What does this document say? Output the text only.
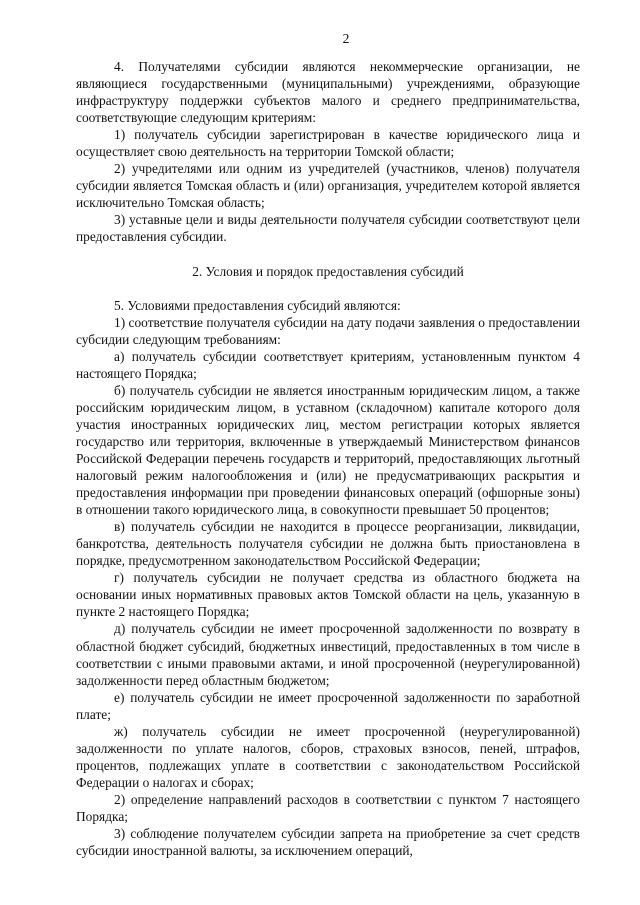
2

4. Получателями субсидии являются некоммерческие организации, не являющиеся государственными (муниципальными) учреждениями, образующие инфраструктуру поддержки субъектов малого и среднего предпринимательства, соответствующие следующим критериям:

1) получатель субсидии зарегистрирован в качестве юридического лица и осуществляет свою деятельность на территории Томской области;

2) учредителями или одним из учредителей (участников, членов) получателя субсидии является Томская область и (или) организация, учредителем которой является исключительно Томская область;

3) уставные цели и виды деятельности получателя субсидии соответствуют цели предоставления субсидии.

2. Условия и порядок предоставления субсидий

5. Условиями предоставления субсидий являются:

1) соответствие получателя субсидии на дату подачи заявления о предоставлении субсидии следующим требованиям:

а) получатель субсидии соответствует критериям, установленным пунктом 4 настоящего Порядка;

б) получатель субсидии не является иностранным юридическим лицом, а также российским юридическим лицом, в уставном (складочном) капитале которого доля участия иностранных юридических лиц, местом регистрации которых является государство или территория, включенные в утверждаемый Министерством финансов Российской Федерации перечень государств и территорий, предоставляющих льготный налоговый режим налогообложения и (или) не предусматривающих раскрытия и предоставления информации при проведении финансовых операций (офшорные зоны) в отношении такого юридического лица, в совокупности превышает 50 процентов;

в) получатель субсидии не находится в процессе реорганизации, ликвидации, банкротства, деятельность получателя субсидии не должна быть приостановлена в порядке, предусмотренном законодательством Российской Федерации;

г) получатель субсидии не получает средства из областного бюджета на основании иных нормативных правовых актов Томской области на цель, указанную в пункте 2 настоящего Порядка;

д) получатель субсидии не имеет просроченной задолженности по возврату в областной бюджет субсидий, бюджетных инвестиций, предоставленных в том числе в соответствии с иными правовыми актами, и иной просроченной (неурегулированной) задолженности перед областным бюджетом;

е) получатель субсидии не имеет просроченной задолженности по заработной плате;

ж) получатель субсидии не имеет просроченной (неурегулированной) задолженности по уплате налогов, сборов, страховых взносов, пеней, штрафов, процентов, подлежащих уплате в соответствии с законодательством Российской Федерации о налогах и сборах;

2) определение направлений расходов в соответствии с пунктом 7 настоящего Порядка;

3) соблюдение получателем субсидии запрета на приобретение за счет средств субсидии иностранной валюты, за исключением операций,
